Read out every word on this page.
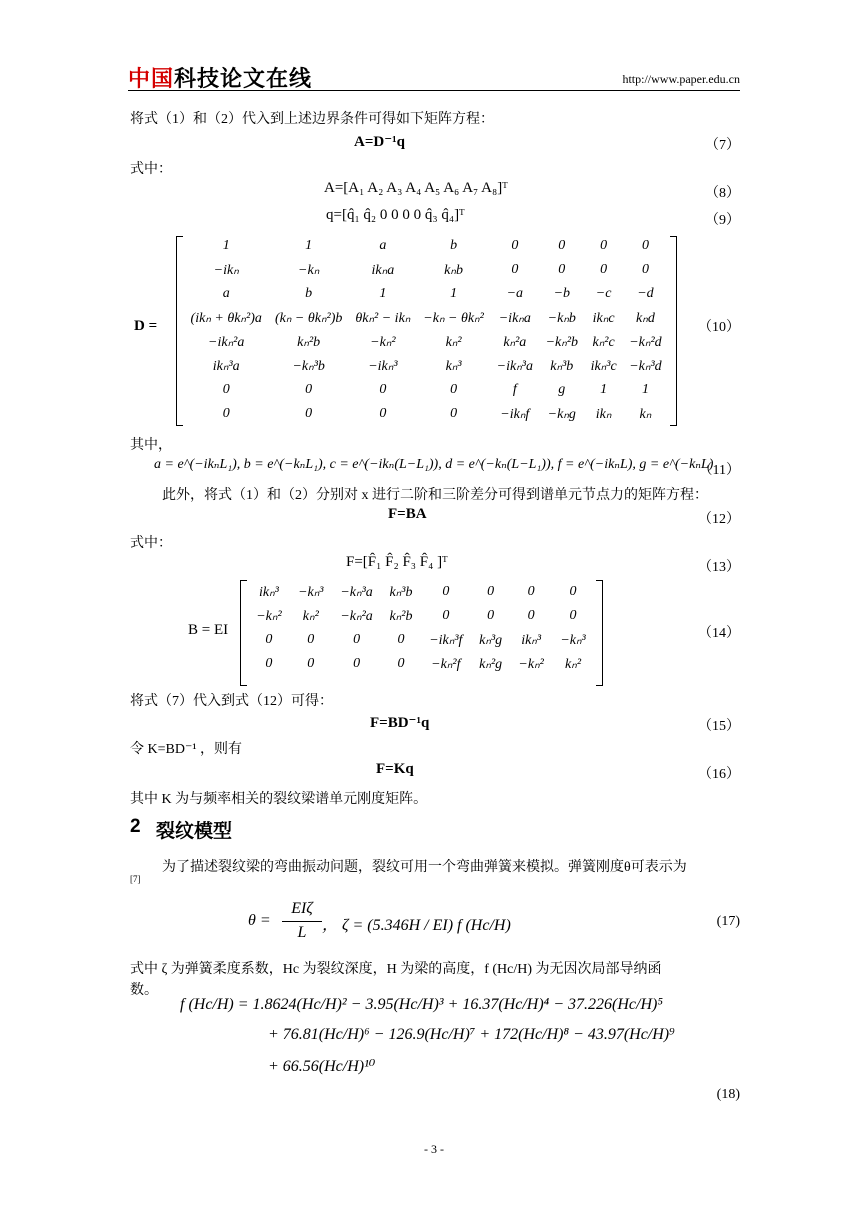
中国科技论文在线	http://www.paper.edu.cn
将式（1）和（2）代入到上述边界条件可得如下矩阵方程：
A=D⁻¹q	（7）
式中：
A=[A₁ A₂ A₃ A₄ A₅ A₆ A₇ A₈]ᵀ	（8）
q=[q̂₁ q̂₂ 0 0 0 0 q̂₃ q̂₄]ᵀ	（9）
D =
1	1	a	b	0	0	0	0
−ikₙ	−kₙ	ikₙa	kₙb	0	0	0	0
a	b	1	1	−a	−b	−c	−d
(ikₙ + θkₙ²)a	(kₙ − θkₙ²)b	θkₙ² − ikₙ	−kₙ − θkₙ²	−ikₙa	−kₙb	ikₙc	kₙd
−ikₙ²a	kₙ²b	−kₙ²	kₙ²	kₙ²a	−kₙ²b	kₙ²c	−kₙ²d
ikₙ³a	−kₙ³b	−ikₙ³	kₙ³	−ikₙ³a	kₙ³b	ikₙ³c	−kₙ³d
0	0	0	0	f	g	1	1
0	0	0	0	−ikₙf	−kₙg	ikₙ	kₙ
（10）
其中，
a = e^(−ikₙL₁), b = e^(−kₙL₁), c = e^(−ikₙ(L−L₁)), d = e^(−kₙ(L−L₁)), f = e^(−ikₙL), g = e^(−kₙL)
（11）
此外，将式（1）和（2）分别对 x 进行二阶和三阶差分可得到谱单元节点力的矩阵方程：
F=BA	（12）
式中：
F=[F̂₁ F̂₂ F̂₃ F̂₄ ]ᵀ	（13）
B = EI
ikₙ³	−kₙ³	−kₙ³a	kₙ³b	0	0	0	0
−kₙ²	kₙ²	−kₙ²a	kₙ²b	0	0	0	0
0	0	0	0	−ikₙ³f	kₙ³g	ikₙ³	−kₙ³
0	0	0	0	−kₙ²f	kₙ²g	−kₙ²	kₙ²
（14）
将式（7）代入到式（12）可得：
F=BD⁻¹q	（15）
令 K=BD⁻¹ ，则有
F=Kq	（16）
其中 K 为与频率相关的裂纹梁谱单元刚度矩阵。
2 裂纹模型
为了描述裂纹梁的弯曲振动问题，裂纹可用一个弯曲弹簧来模拟。弹簧刚度θ可表示为
[7]
θ =
EIζ
L ， ζ = (5.346H / EI) f (Hc/H)	(17)
式中 ζ 为弹簧柔度系数，Hc 为裂纹深度，H 为梁的高度，f (Hc/H) 为无因次局部导纳函
数。
f (Hc/H) = 1.8624(Hc/H)² − 3.95(Hc/H)³ + 16.37(Hc/H)⁴ − 37.226(Hc/H)⁵
+ 76.81(Hc/H)⁶ − 126.9(Hc/H)⁷ + 172(Hc/H)⁸ − 43.97(Hc/H)⁹
+ 66.56(Hc/H)¹⁰
(18)
- 3 -
